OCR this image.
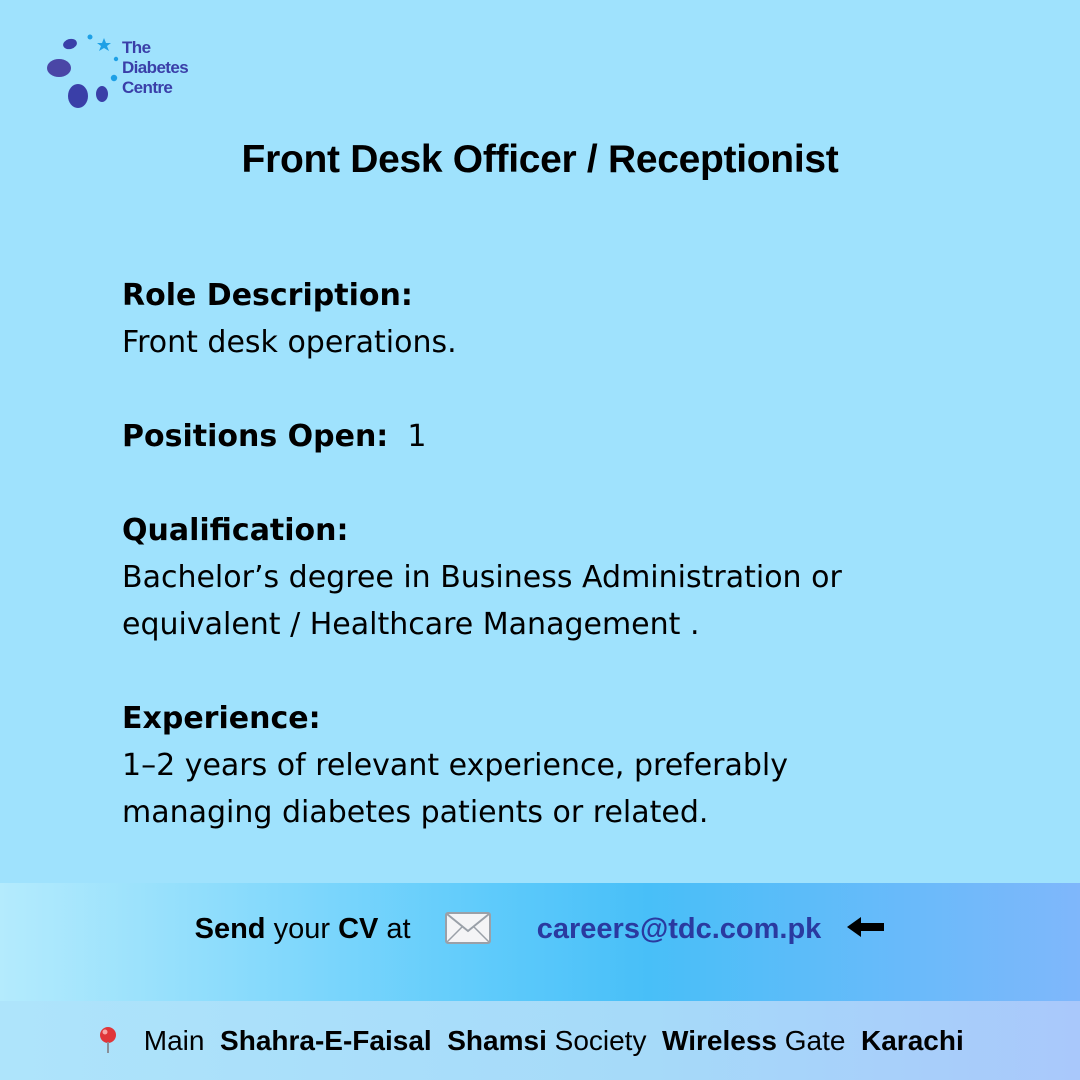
The
Diabetes
Centre
Front Desk Officer / Receptionist
Role Description:
Front desk operations.
Positions Open: 1
Qualification:
Bachelor’s degree in Business Administration or
equivalent / Healthcare Management .
Experience:
1–2 years of relevant experience, preferably
managing diabetes patients or related.
Send your CV at	careers@tdc.com.pk
Main Shahra-E-Faisal Shamsi Society Wireless Gate Karachi
